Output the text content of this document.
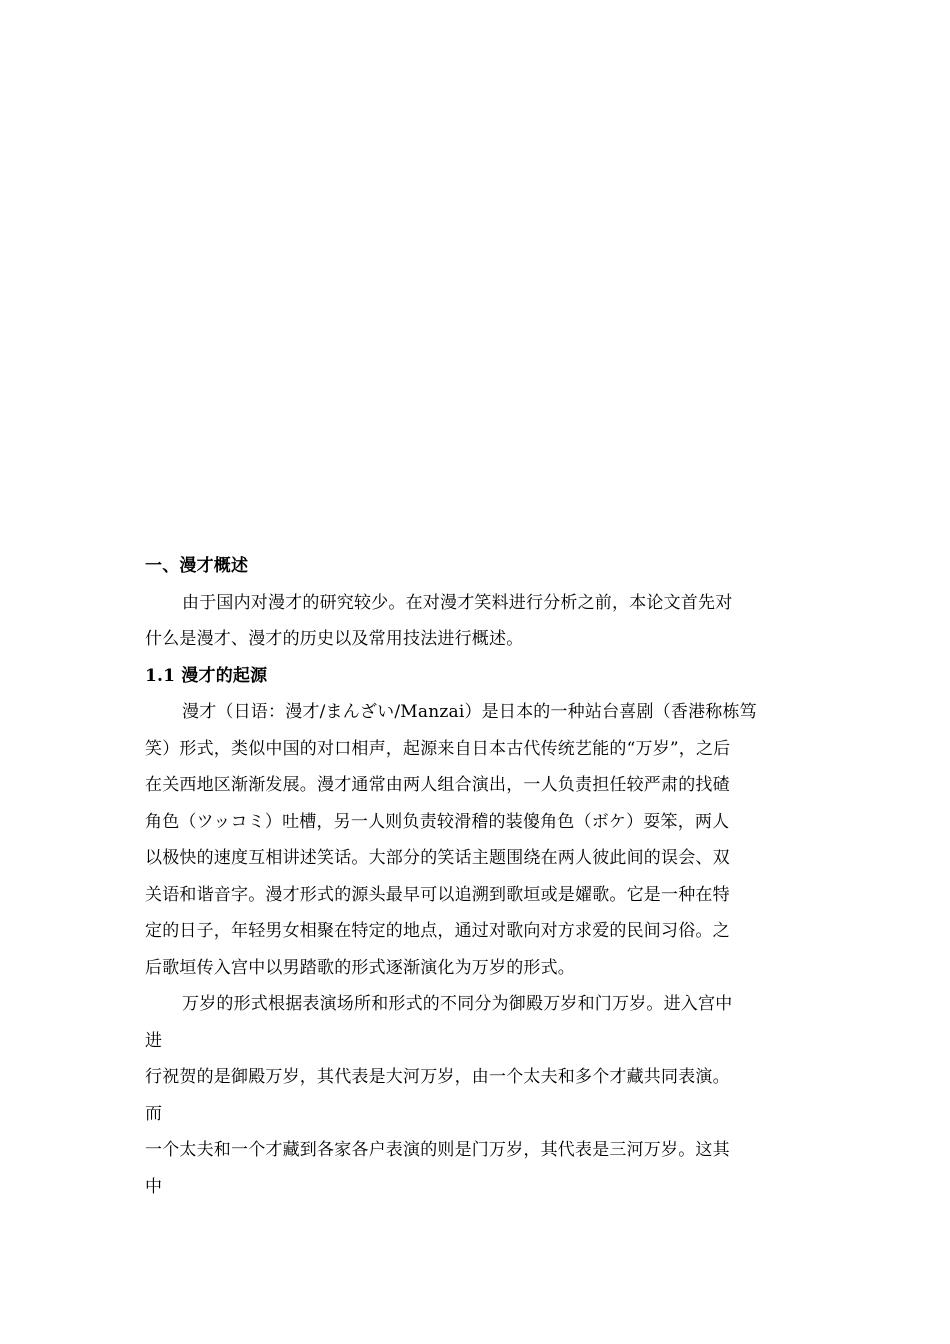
一、漫才概述
由于国内对漫才的研究较少。在对漫才笑料进行分析之前，本论文首先对
什么是漫才、漫才的历史以及常用技法进行概述。
1.1 漫才的起源
漫才（日语：漫才/まんざい/Manzai）是日本的一种站台喜剧（香港称栋笃
笑）形式，类似中国的对口相声，起源来自日本古代传统艺能的“万岁”，之后
在关西地区渐渐发展。漫才通常由两人组合演出，一人负责担任较严肃的找碴
角色（ツッコミ）吐槽，另一人则负责较滑稽的装傻角色（ボケ）耍笨，两人
以极快的速度互相讲述笑话。大部分的笑话主题围绕在两人彼此间的误会、双
关语和谐音字。漫才形式的源头最早可以追溯到歌垣或是嬥歌。它是一种在特
定的日子，年轻男女相聚在特定的地点，通过对歌向对方求爱的民间习俗。之
后歌垣传入宫中以男踏歌的形式逐渐演化为万岁的形式。
万岁的形式根据表演场所和形式的不同分为御殿万岁和门万岁。进入宫中
进
行祝贺的是御殿万岁，其代表是大河万岁，由一个太夫和多个才藏共同表演。
而
一个太夫和一个才藏到各家各户表演的则是门万岁，其代表是三河万岁。这其
中
